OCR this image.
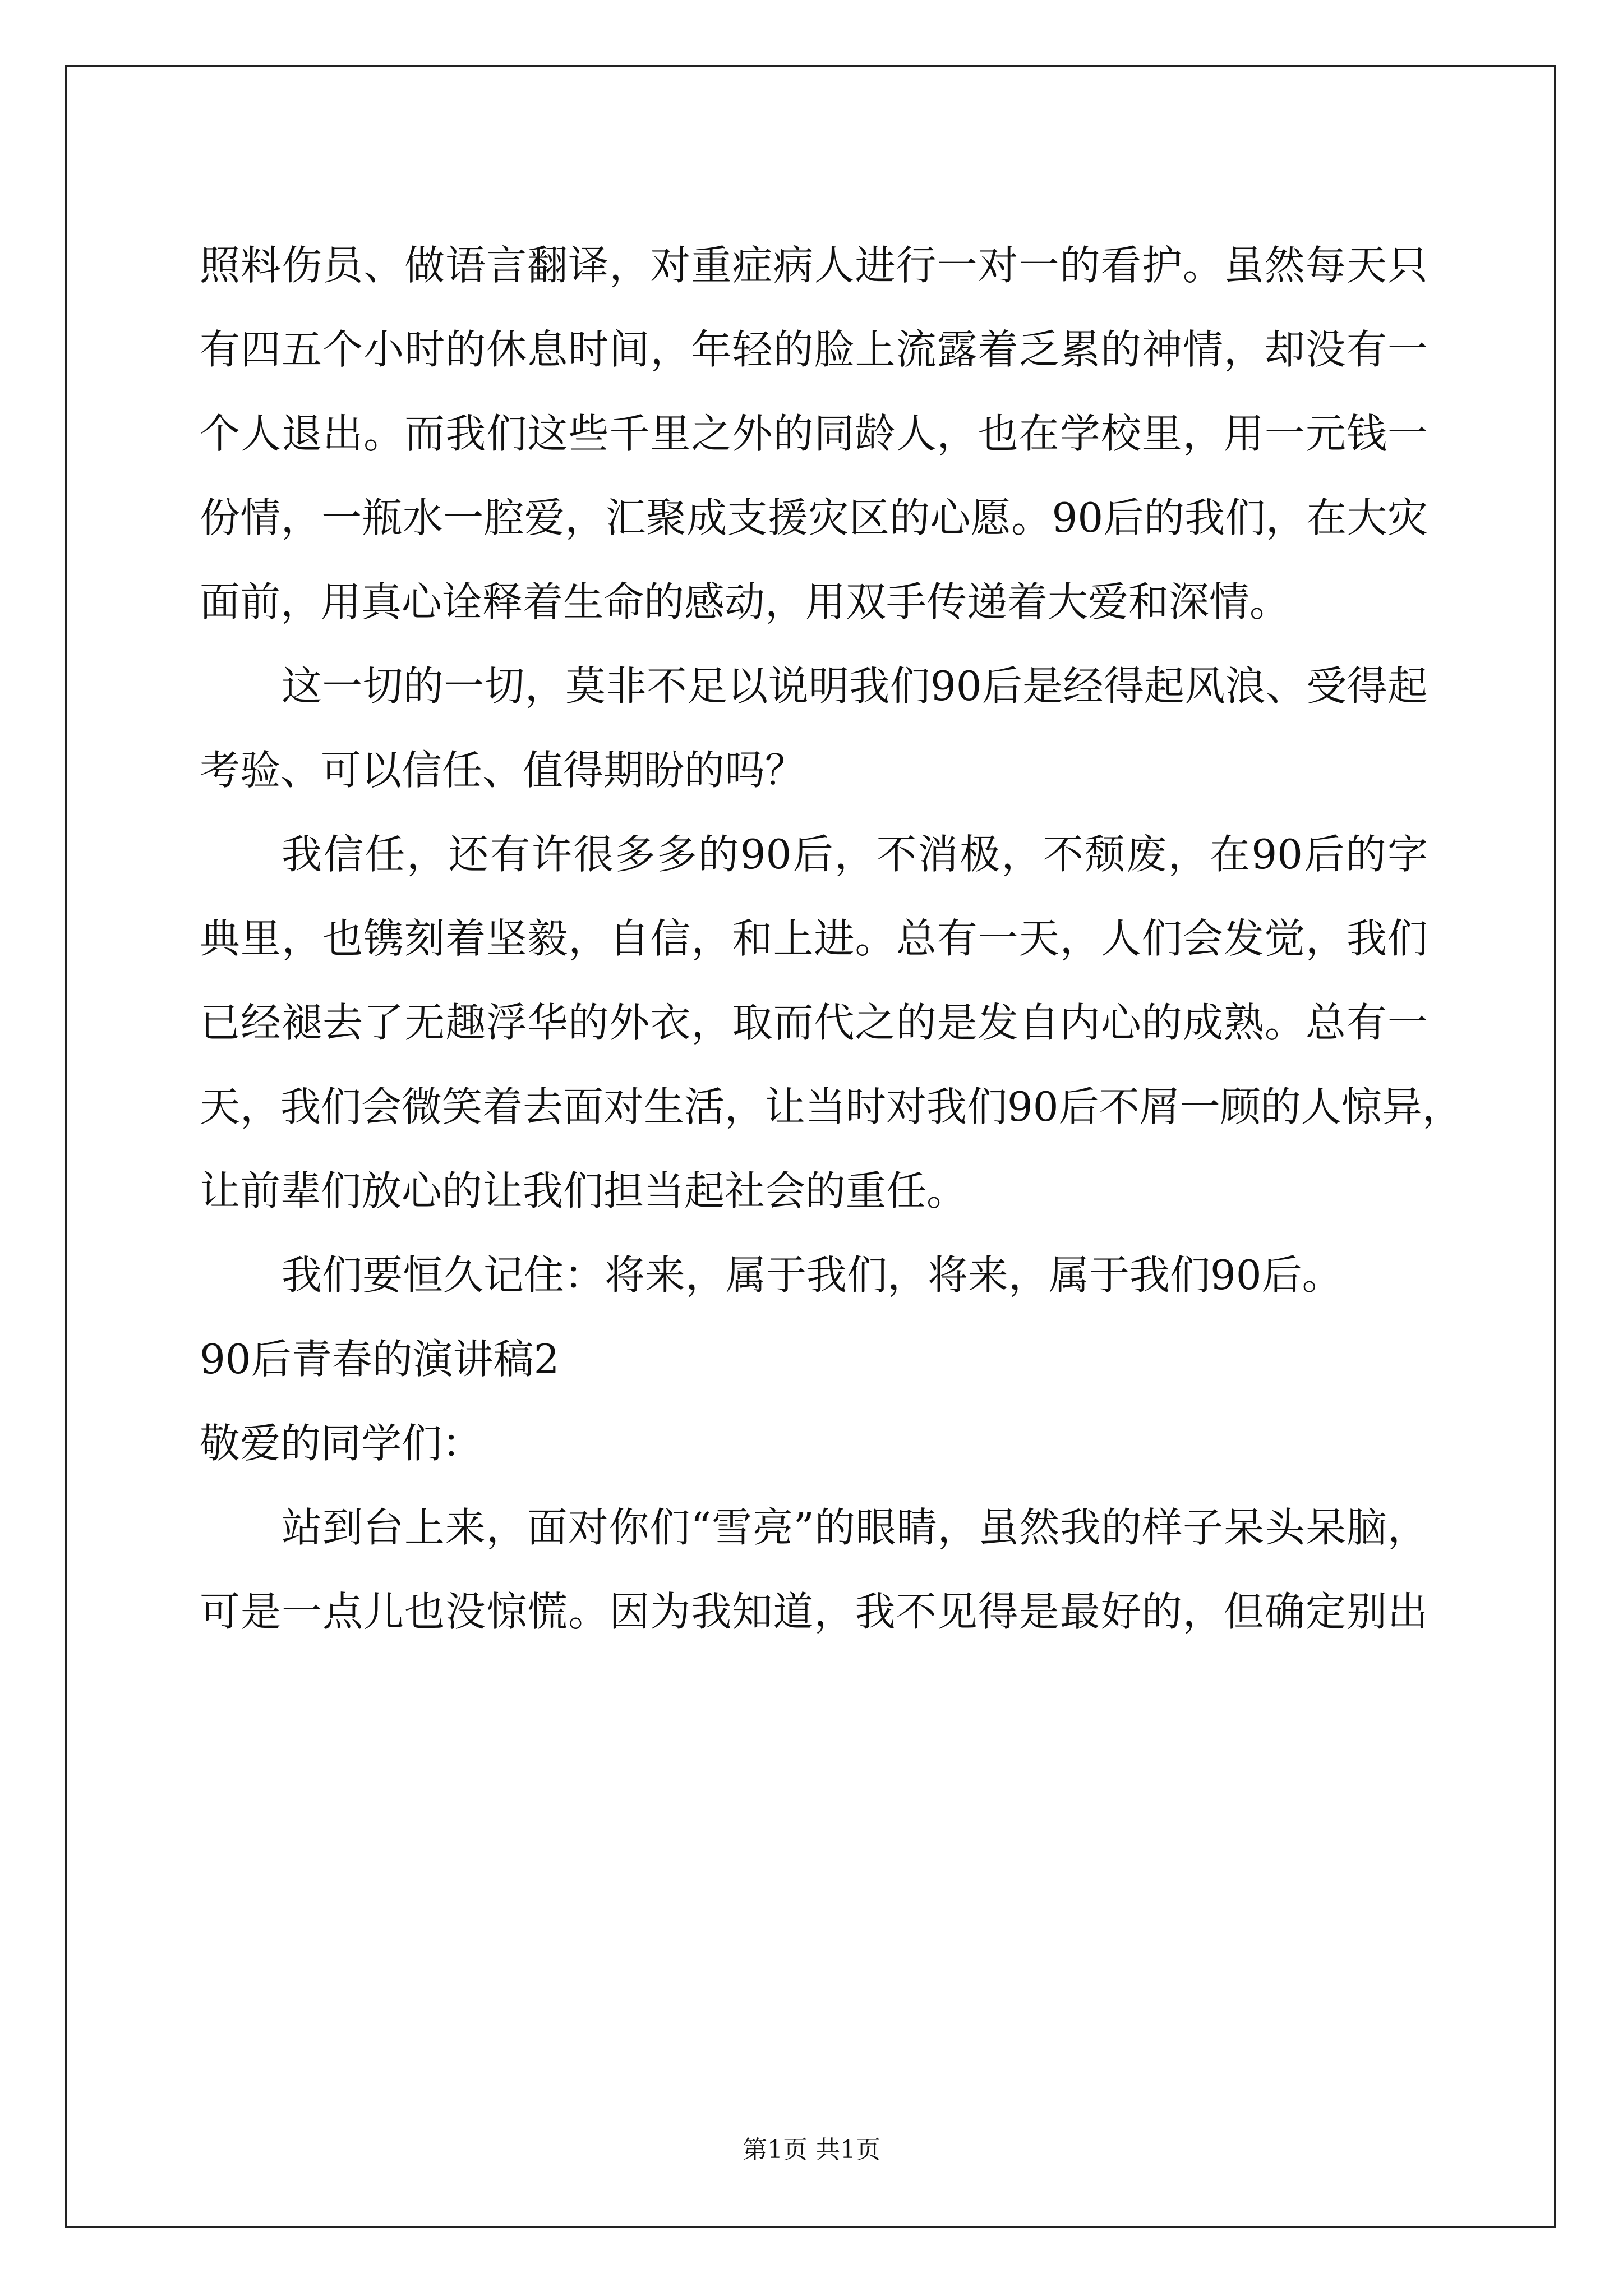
照料伤员、做语言翻译，对重症病人进行一对一的看护。虽然每天只
有四五个小时的休息时间，年轻的脸上流露着乏累的神情，却没有一
个人退出。而我们这些千里之外的同龄人，也在学校里，用一元钱一
份情，一瓶水一腔爱，汇聚成支援灾区的心愿。90后的我们，在大灾
面前，用真心诠释着生命的感动，用双手传递着大爱和深情。
这一切的一切，莫非不足以说明我们90后是经得起风浪、受得起
考验、可以信任、值得期盼的吗？
我信任，还有许很多多的90后，不消极，不颓废，在90后的字
典里，也镌刻着坚毅，自信，和上进。总有一天，人们会发觉，我们
已经褪去了无趣浮华的外衣，取而代之的是发自内心的成熟。总有一
天，我们会微笑着去面对生活，让当时对我们90后不屑一顾的人惊异，
让前辈们放心的让我们担当起社会的重任。
我们要恒久记住：将来，属于我们，将来，属于我们90后。
90后青春的演讲稿2
敬爱的同学们：
站到台上来，面对你们“雪亮”的眼睛，虽然我的样子呆头呆脑，
可是一点儿也没惊慌。因为我知道，我不见得是最好的，但确定别出
第1页 共1页
